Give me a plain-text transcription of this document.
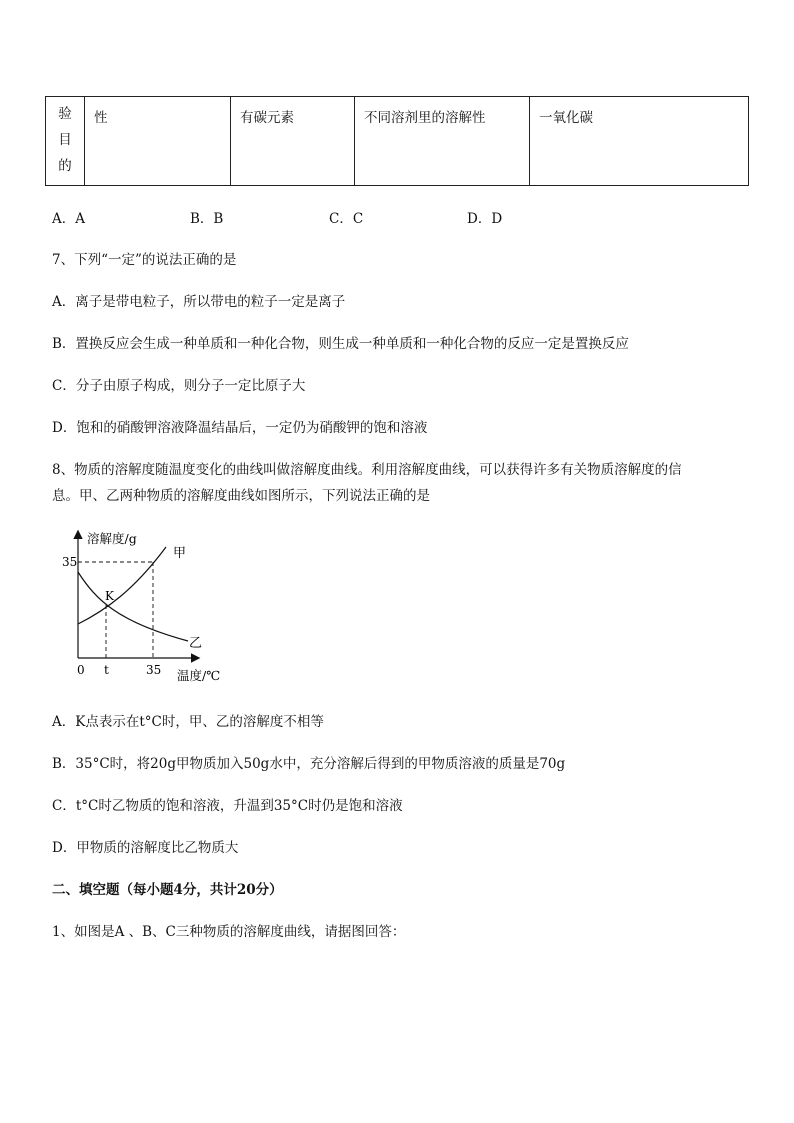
验
目
的
	性	有碳元素	不同溶剂里的溶解性	一氧化碳
A．A	B．B	C．C	D．D
7、下列“一定”的说法正确的是
A．离子是带电粒子，所以带电的粒子一定是离子
B．置换反应会生成一种单质和一种化合物，则生成一种单质和一种化合物的反应一定是置换反应
C．分子由原子构成，则分子一定比原子大
D．饱和的硝酸钾溶液降温结晶后，一定仍为硝酸钾的饱和溶液
8、物质的溶解度随温度变化的曲线叫做溶解度曲线。利用溶解度曲线，可以获得许多有关物质溶解度的信
息。甲、乙两种物质的溶解度曲线如图所示，下列说法正确的是
溶解度/g
35
甲
乙
K
0 t	35 温度/℃
A．K点表示在t°C时，甲、乙的溶解度不相等
B．35°C时，将20g甲物质加入50g水中，充分溶解后得到的甲物质溶液的质量是70g
C．t°C时乙物质的饱和溶液，升温到35°C时仍是饱和溶液
D．甲物质的溶解度比乙物质大
二、填空题（每小题4分，共计20分）
1、如图是A 、B、C三种物质的溶解度曲线，请据图回答：
